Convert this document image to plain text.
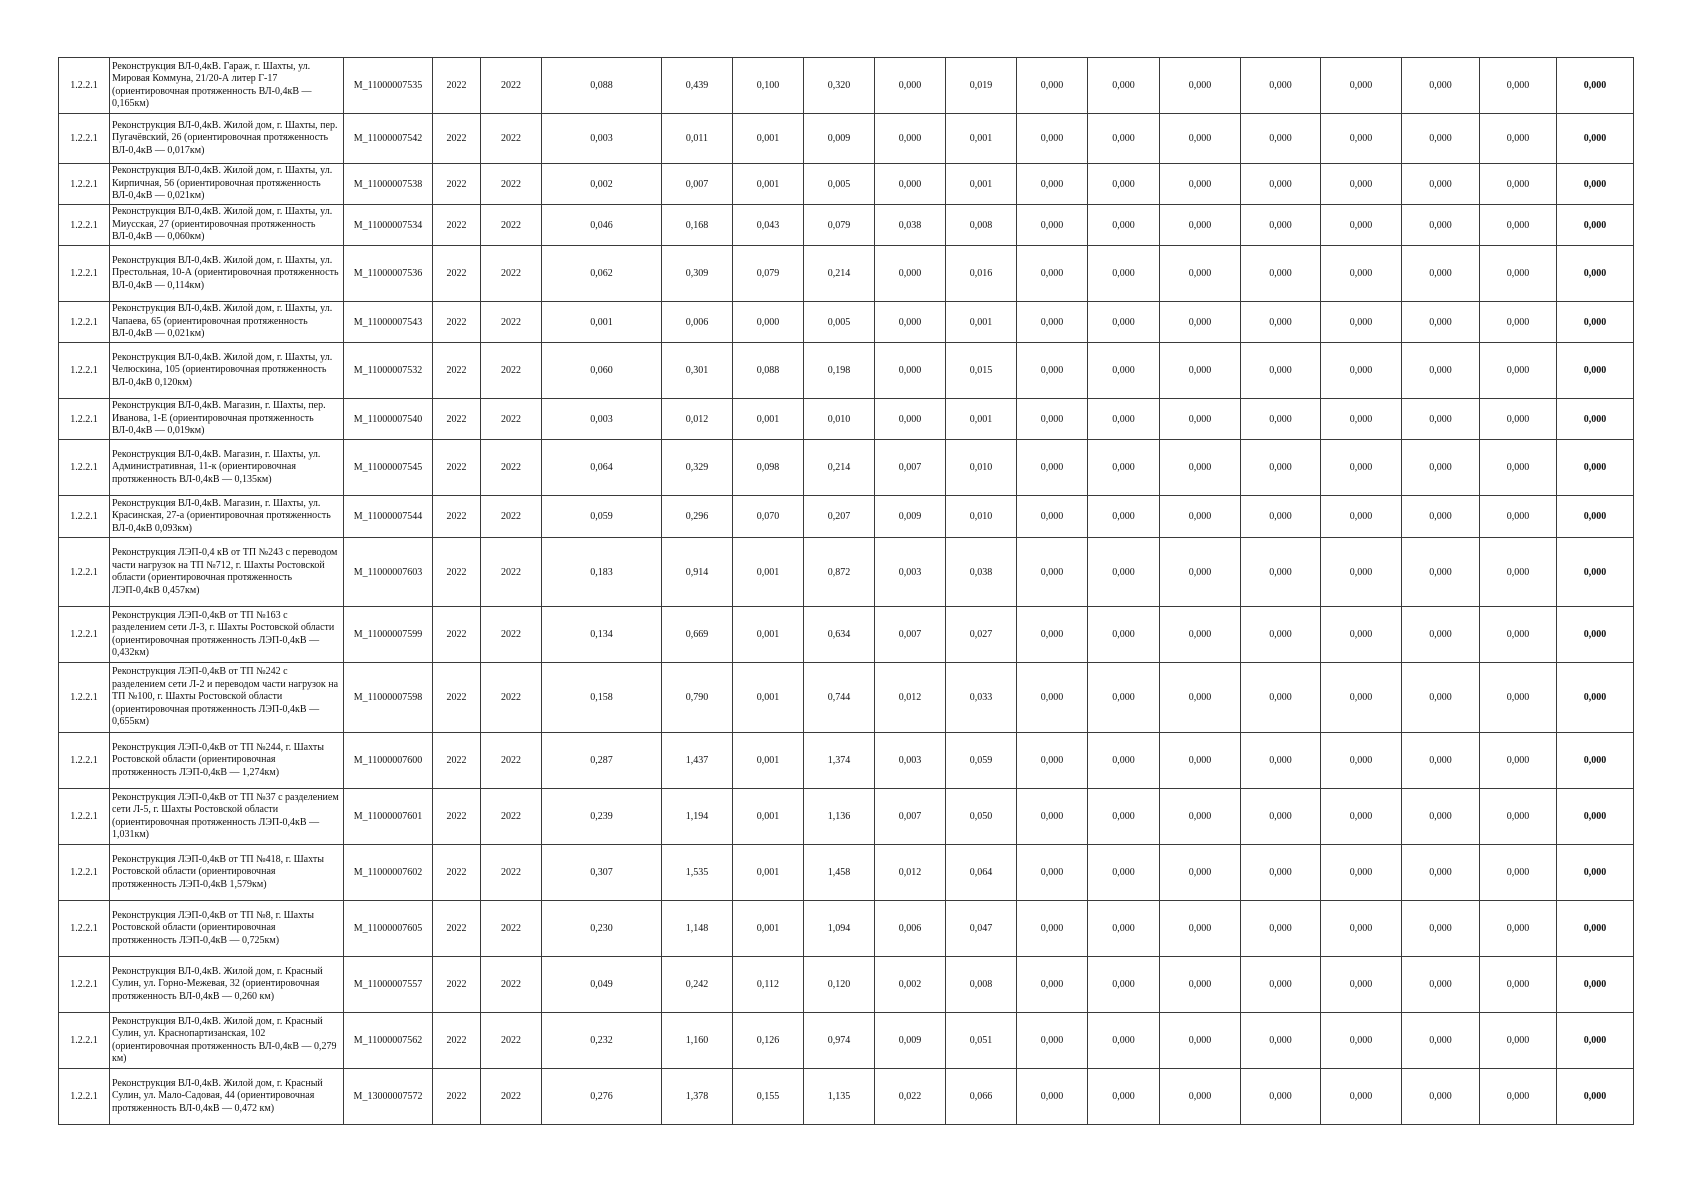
1.2.2.1	Реконструкция ВЛ-0,4кВ. Гараж, г. Шахты, ул. Мировая Коммуна, 21/20-А литер Г-17 (ориентировочная протяженность ВЛ-0,4кВ — 0,165км)	M_11000007535	2022	2022	0,088	0,439	0,100	0,320	0,000	0,019	0,000	0,000	0,000	0,000	0,000	0,000	0,000	0,000
1.2.2.1	Реконструкция ВЛ-0,4кВ. Жилой дом, г. Шахты, пер. Пугачёвский, 26 (ориентировочная протяженность ВЛ-0,4кВ — 0,017км)	M_11000007542	2022	2022	0,003	0,011	0,001	0,009	0,000	0,001	0,000	0,000	0,000	0,000	0,000	0,000	0,000	0,000
1.2.2.1	Реконструкция ВЛ-0,4кВ. Жилой дом, г. Шахты, ул. Кирпичная, 56 (ориентировочная протяженность ВЛ-0,4кВ — 0,021км)	M_11000007538	2022	2022	0,002	0,007	0,001	0,005	0,000	0,001	0,000	0,000	0,000	0,000	0,000	0,000	0,000	0,000
1.2.2.1	Реконструкция ВЛ-0,4кВ. Жилой дом, г. Шахты, ул. Миусская, 27 (ориентировочная протяженность ВЛ-0,4кВ — 0,060км)	M_11000007534	2022	2022	0,046	0,168	0,043	0,079	0,038	0,008	0,000	0,000	0,000	0,000	0,000	0,000	0,000	0,000
1.2.2.1	Реконструкция ВЛ-0,4кВ. Жилой дом, г. Шахты, ул. Престольная, 10-А (ориентировочная протяженность ВЛ-0,4кВ — 0,114км)	M_11000007536	2022	2022	0,062	0,309	0,079	0,214	0,000	0,016	0,000	0,000	0,000	0,000	0,000	0,000	0,000	0,000
1.2.2.1	Реконструкция ВЛ-0,4кВ. Жилой дом, г. Шахты, ул. Чапаева, 65 (ориентировочная протяженность ВЛ-0,4кВ — 0,021км)	M_11000007543	2022	2022	0,001	0,006	0,000	0,005	0,000	0,001	0,000	0,000	0,000	0,000	0,000	0,000	0,000	0,000
1.2.2.1	Реконструкция ВЛ-0,4кВ. Жилой дом, г. Шахты, ул. Челюскина, 105 (ориентировочная протяженность ВЛ-0,4кВ 0,120км)	M_11000007532	2022	2022	0,060	0,301	0,088	0,198	0,000	0,015	0,000	0,000	0,000	0,000	0,000	0,000	0,000	0,000
1.2.2.1	Реконструкция ВЛ-0,4кВ. Магазин, г. Шахты, пер. Иванова, 1-Е (ориентировочная протяженность ВЛ-0,4кВ — 0,019км)	M_11000007540	2022	2022	0,003	0,012	0,001	0,010	0,000	0,001	0,000	0,000	0,000	0,000	0,000	0,000	0,000	0,000
1.2.2.1	Реконструкция ВЛ-0,4кВ. Магазин, г. Шахты, ул. Административная, 11-к (ориентировочная протяженность ВЛ-0,4кВ — 0,135км)	M_11000007545	2022	2022	0,064	0,329	0,098	0,214	0,007	0,010	0,000	0,000	0,000	0,000	0,000	0,000	0,000	0,000
1.2.2.1	Реконструкция ВЛ-0,4кВ. Магазин, г. Шахты, ул. Красинская, 27-а (ориентировочная протяженность ВЛ-0,4кВ 0,093км)	M_11000007544	2022	2022	0,059	0,296	0,070	0,207	0,009	0,010	0,000	0,000	0,000	0,000	0,000	0,000	0,000	0,000
1.2.2.1	Реконструкция ЛЭП-0,4 кВ от ТП №243 с переводом части нагрузок на ТП №712, г. Шахты Ростовской области (ориентировочная протяженность ЛЭП-0,4кВ 0,457км)	M_11000007603	2022	2022	0,183	0,914	0,001	0,872	0,003	0,038	0,000	0,000	0,000	0,000	0,000	0,000	0,000	0,000
1.2.2.1	Реконструкция ЛЭП-0,4кВ от ТП №163 с разделением сети Л-3, г. Шахты Ростовской области (ориентировочная протяженность ЛЭП-0,4кВ — 0,432км)	M_11000007599	2022	2022	0,134	0,669	0,001	0,634	0,007	0,027	0,000	0,000	0,000	0,000	0,000	0,000	0,000	0,000
1.2.2.1	Реконструкция ЛЭП-0,4кВ от ТП №242 с разделением сети Л-2 и переводом части нагрузок на ТП №100, г. Шахты Ростовской области (ориентировочная протяженность ЛЭП-0,4кВ — 0,655км)	M_11000007598	2022	2022	0,158	0,790	0,001	0,744	0,012	0,033	0,000	0,000	0,000	0,000	0,000	0,000	0,000	0,000
1.2.2.1	Реконструкция ЛЭП-0,4кВ от ТП №244, г. Шахты Ростовской области (ориентировочная протяженность ЛЭП-0,4кВ — 1,274км)	M_11000007600	2022	2022	0,287	1,437	0,001	1,374	0,003	0,059	0,000	0,000	0,000	0,000	0,000	0,000	0,000	0,000
1.2.2.1	Реконструкция ЛЭП-0,4кВ от ТП №37 с разделением сети Л-5, г. Шахты Ростовской области (ориентировочная протяженность ЛЭП-0,4кВ — 1,031км)	M_11000007601	2022	2022	0,239	1,194	0,001	1,136	0,007	0,050	0,000	0,000	0,000	0,000	0,000	0,000	0,000	0,000
1.2.2.1	Реконструкция ЛЭП-0,4кВ от ТП №418, г. Шахты Ростовской области (ориентировочная протяженность ЛЭП-0,4кВ 1,579км)	M_11000007602	2022	2022	0,307	1,535	0,001	1,458	0,012	0,064	0,000	0,000	0,000	0,000	0,000	0,000	0,000	0,000
1.2.2.1	Реконструкция ЛЭП-0,4кВ от ТП №8, г. Шахты Ростовской области (ориентировочная протяженность ЛЭП-0,4кВ — 0,725км)	M_11000007605	2022	2022	0,230	1,148	0,001	1,094	0,006	0,047	0,000	0,000	0,000	0,000	0,000	0,000	0,000	0,000
1.2.2.1	Реконструкция ВЛ-0,4кВ. Жилой дом, г. Красный Сулин, ул. Горно-Межевая, 32 (ориентировочная протяженность ВЛ-0,4кВ — 0,260 км)	M_11000007557	2022	2022	0,049	0,242	0,112	0,120	0,002	0,008	0,000	0,000	0,000	0,000	0,000	0,000	0,000	0,000
1.2.2.1	Реконструкция ВЛ-0,4кВ. Жилой дом, г. Красный Сулин, ул. Краснопартизанская, 102 (ориентировочная протяженность ВЛ-0,4кВ — 0,279 км)	M_11000007562	2022	2022	0,232	1,160	0,126	0,974	0,009	0,051	0,000	0,000	0,000	0,000	0,000	0,000	0,000	0,000
1.2.2.1	Реконструкция ВЛ-0,4кВ. Жилой дом, г. Красный Сулин, ул. Мало-Садовая, 44 (ориентировочная протяженность ВЛ-0,4кВ — 0,472 км)	M_13000007572	2022	2022	0,276	1,378	0,155	1,135	0,022	0,066	0,000	0,000	0,000	0,000	0,000	0,000	0,000	0,000
